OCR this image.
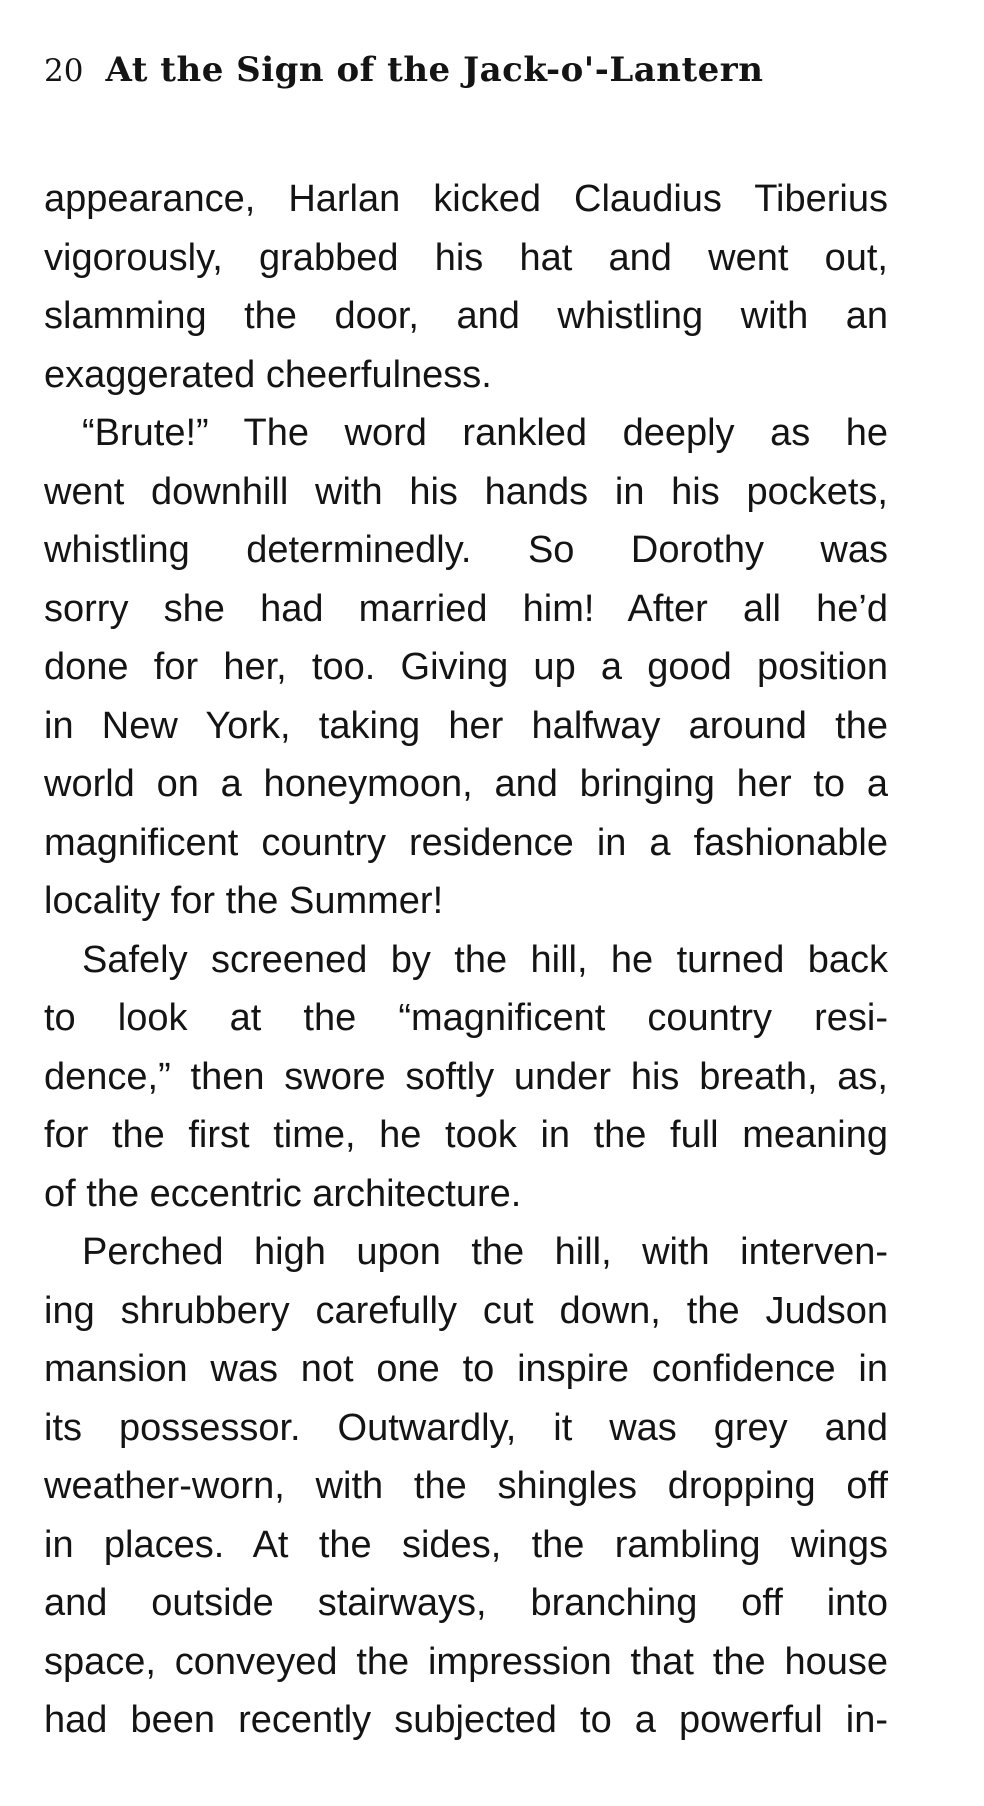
20 At the Sign of the Jack-o'-Lantern

appearance, Harlan kicked Claudius Tiberius
vigorously, grabbed his hat and went out,
slamming the door, and whistling with an
exaggerated cheerfulness.

“Brute!” The word rankled deeply as he
went downhill with his hands in his pockets,
whistling determinedly. So Dorothy was
sorry she had married him! After all he’d
done for her, too. Giving up a good position
in New York, taking her halfway around the
world on a honeymoon, and bringing her to a
magnificent country residence in a fashionable
locality for the Summer!

Safely screened by the hill, he turned back
to look at the “magnificent country resi-
dence,” then swore softly under his breath, as,
for the first time, he took in the full meaning
of the eccentric architecture.

Perched high upon the hill, with interven-
ing shrubbery carefully cut down, the Judson
mansion was not one to inspire confidence in
its possessor. Outwardly, it was grey and
weather-worn, with the shingles dropping off
in places. At the sides, the rambling wings
and outside stairways, branching off into
space, conveyed the impression that the house
had been recently subjected to a powerful in-
